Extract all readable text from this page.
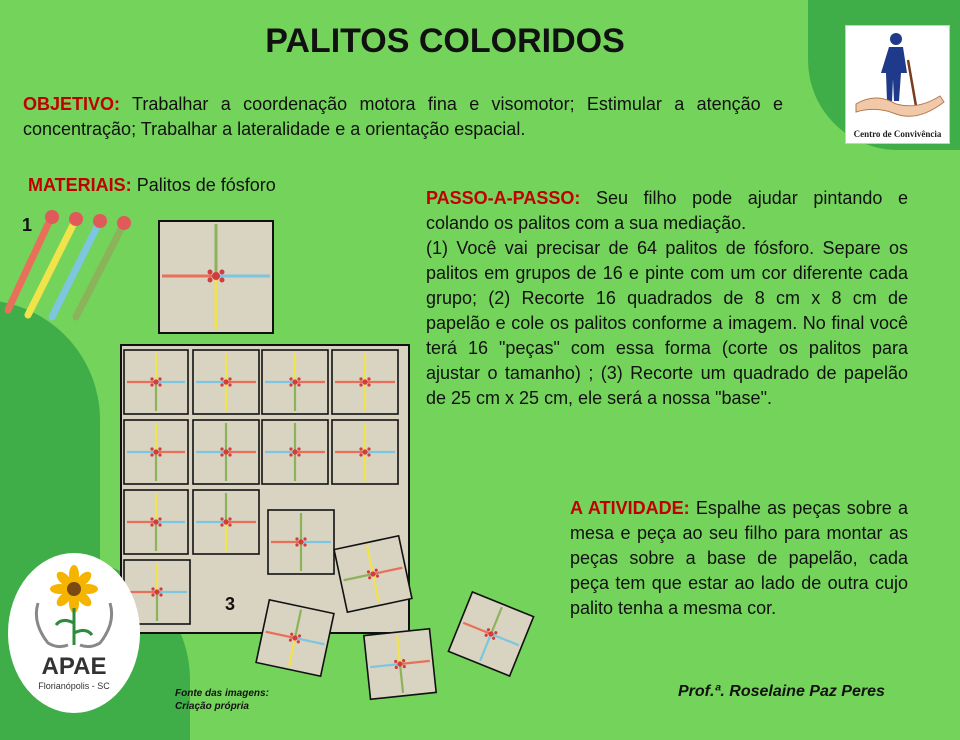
PALITOS COLORIDOS
Centro de Convivência
OBJETIVO: Trabalhar a coordenação motora fina e visomotor; Estimular a atenção e concentração; Trabalhar a lateralidade e a orientação espacial.
MATERIAIS: Palitos de fósforo
1
3
PASSO-A-PASSO: Seu filho pode ajudar pintando e colando os palitos com a sua mediação.
(1) Você vai precisar de 64 palitos de fósforo. Separe os palitos em grupos de 16 e pinte com um cor diferente cada grupo; (2) Recorte 16 quadrados de 8 cm x 8 cm de papelão e cole os palitos conforme a imagem. No final você terá 16 "peças" com essa forma (corte os palitos para ajustar o tamanho) ; (3) Recorte um quadrado de papelão de 25 cm x 25 cm, ele será a nossa "base".
A ATIVIDADE: Espalhe as peças sobre a mesa e peça ao seu filho para montar as peças sobre a base de papelão, cada peça tem que estar ao lado de outra cujo palito tenha a mesma cor.
APAE
Florianópolis - SC
Fonte das imagens:
Criação própria
Prof.ª. Roselaine Paz Peres
